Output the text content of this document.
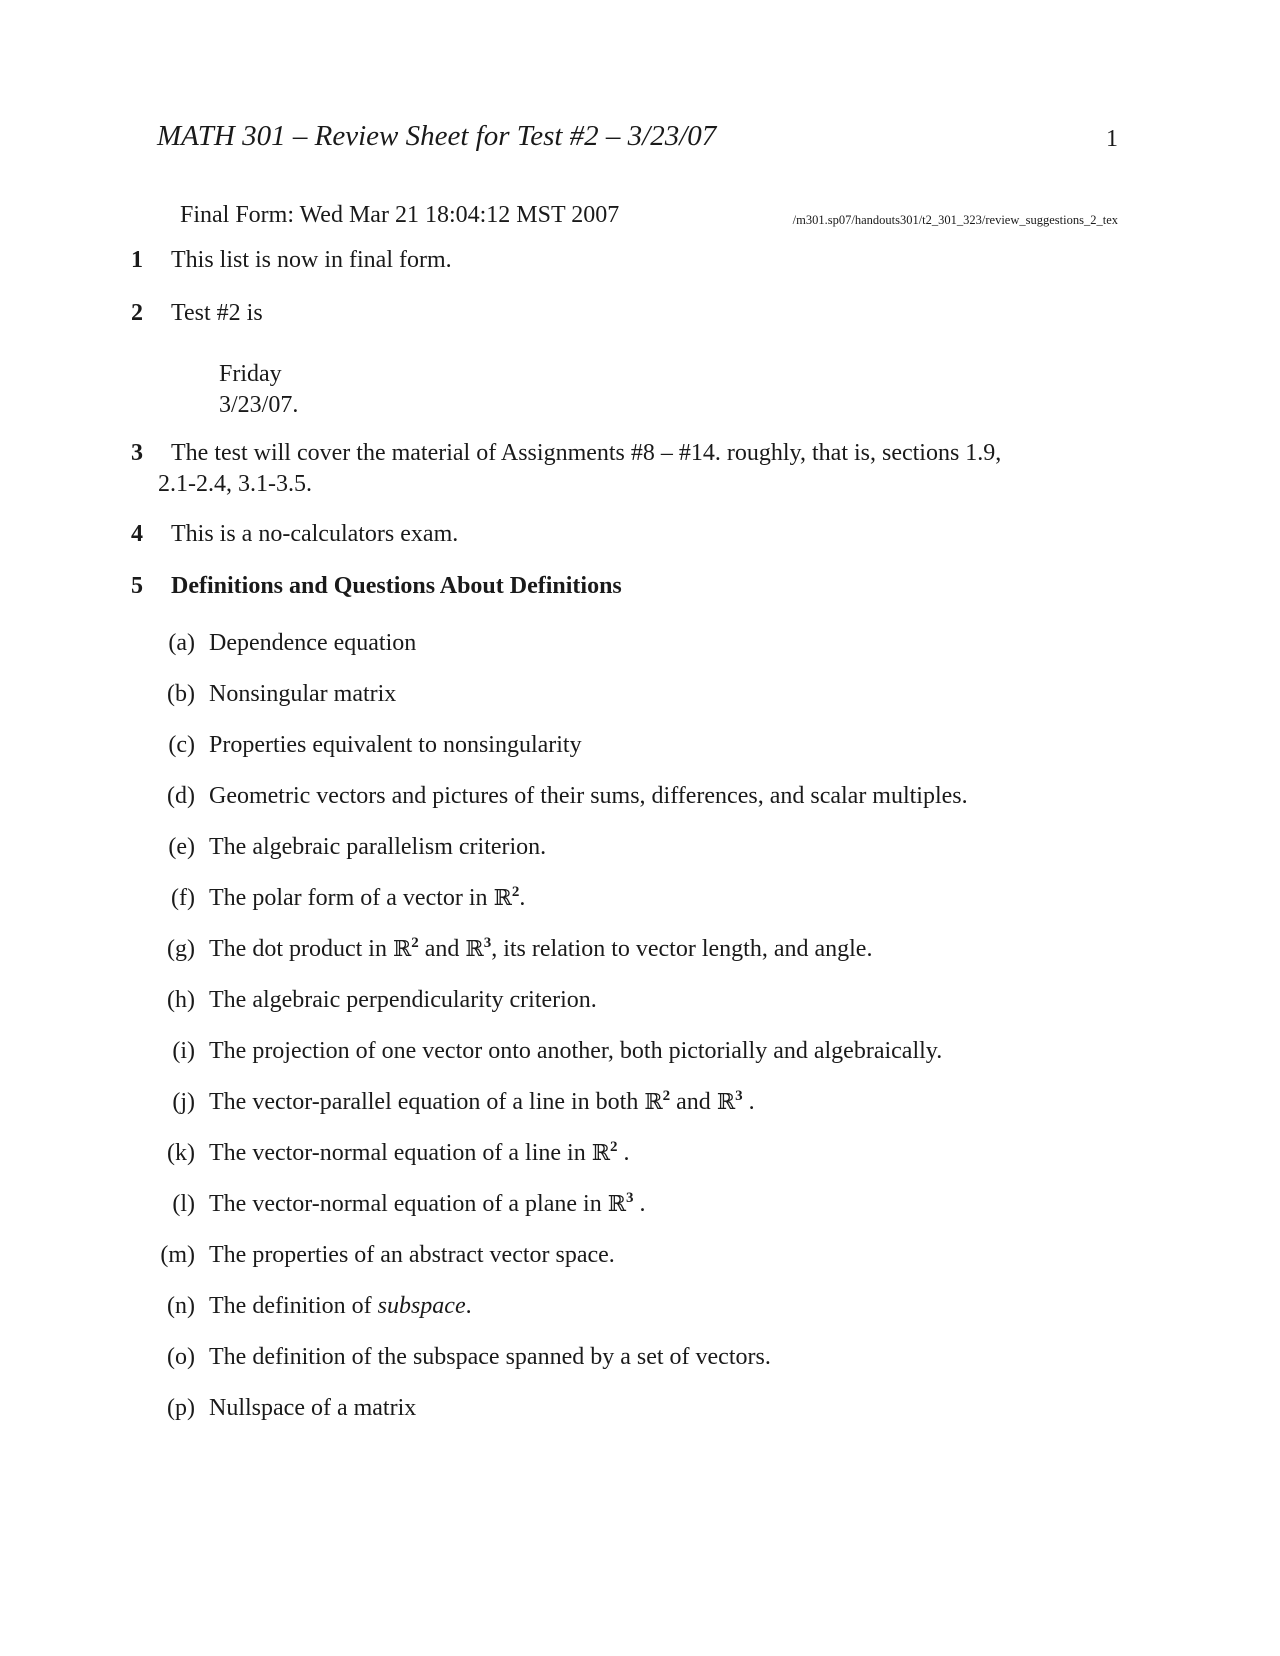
MATH 301 – Review Sheet for Test #2 – 3/23/07	1
Final Form: Wed Mar 21 18:04:12 MST 2007	/m301.sp07/handouts301/t2_301_323/review_suggestions_2_tex
1 This list is now in final form.
2 Test #2 is
Friday
3/23/07.
3 The test will cover the material of Assignments #8 – #14. roughly, that is, sections 1.9,
2.1-2.4, 3.1-3.5.
4 This is a no-calculators exam.
5 Definitions and Questions About Definitions
(a) Dependence equation
(b) Nonsingular matrix
(c) Properties equivalent to nonsingularity
(d) Geometric vectors and pictures of their sums, differences, and scalar multiples.
(e) The algebraic parallelism criterion.
(f) The polar form of a vector in ℝ$^2$.
(g) The dot product in ℝ$^2$ and ℝ$^3$, its relation to vector length, and angle.
(h) The algebraic perpendicularity criterion.
(i) The projection of one vector onto another, both pictorially and algebraically.
(j) The vector-parallel equation of a line in both ℝ$^2$ and ℝ$^3$ .
(k) The vector-normal equation of a line in ℝ$^2$ .
(l) The vector-normal equation of a plane in ℝ$^3$ .
(m) The properties of an abstract vector space.
(n) The definition of subspace.
(o) The definition of the subspace spanned by a set of vectors.
(p) Nullspace of a matrix
